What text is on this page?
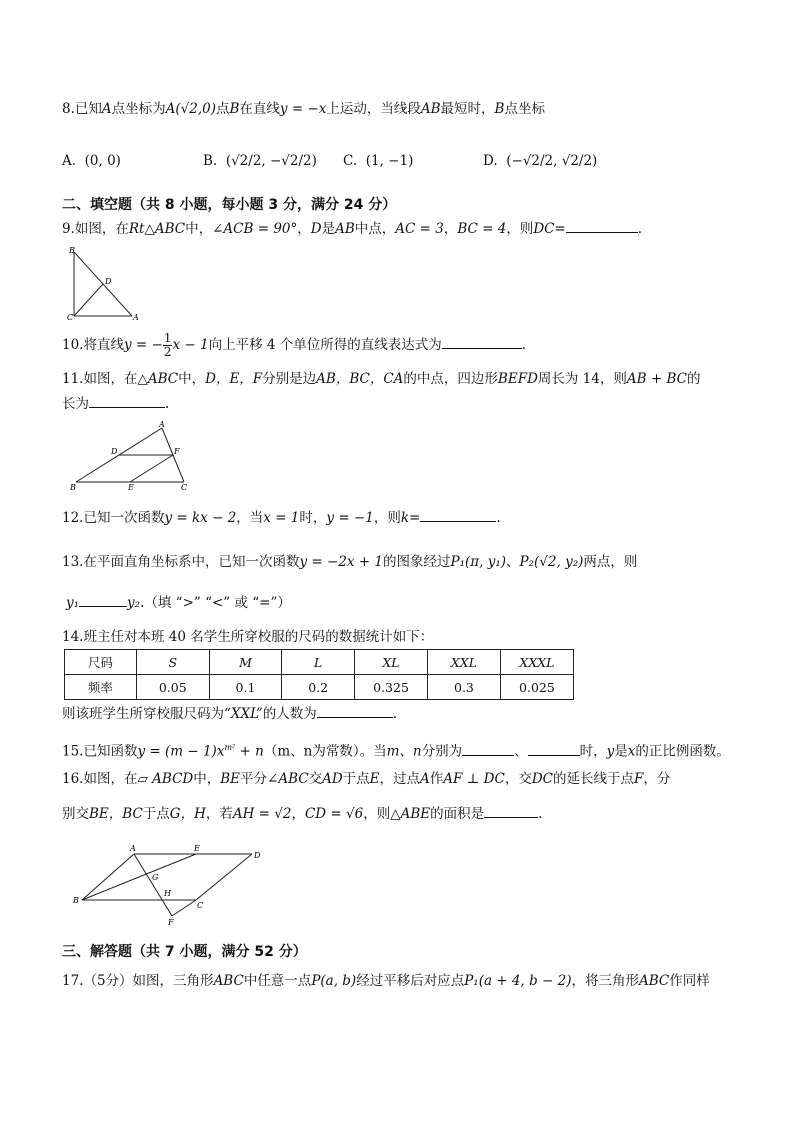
8.已知A点坐标为A(√2,0)点B在直线y = −x上运动，当线段AB最短时，B点坐标
A. (0, 0)	B. (√2/2, −√2/2) C. (1, −1)	D. (−√2/2, √2/2)
二、填空题（共 8 小题，每小题 3 分，满分 24 分）
9.如图，在Rt△ABC中，∠ACB = 90°，D是AB中点，AC = 3，BC = 4，则DC=	.
B
D
C	A
10.将直线y = − $\frac{1}{2}$ x − 1向上平移 4 个单位所得的直线表达式为	.
11.如图，在△ABC中，D，E，F分别是边AB，BC，CA的中点，四边形BEFD周长为 14，则AB + BC的
长为	.
A
D	F
B	E	C
12.已知一次函数y = kx − 2，当x = 1时，y = −1，则k=	.
13.在平面直角坐标系中，已知一次函数y = −2x + 1的图象经过P₁(π, y₁)、P₂(√2, y₂)两点，则
y₁	y₂.（填 “>” “<” 或 “=”）
14.班主任对本班 40 名学生所穿校服的尺码的数据统计如下：
尺码	S	M	L	XL	XXL	XXXL
频率	0.05	0.1	0.2	0.325	0.3	0.025
则该班学生所穿校服尺码为“XXL”的人数为	.
15.已知函数$y = (m - 1)x^{m^2} + n(m$、n为常数）。当m、n分别为	、	时，y是x的正比例函数。
16.如图，在▱ ABCD中，BE平分∠ABC交AD于点E，过点A作AF ⊥ DC，交DC的延长线于点F，分
别交BE，BC于点G，H，若AH = √2，CD = √6，则△ABE的面积是	.
A	E
D
G
H
B
C
F
三、解答题（共 7 小题，满分 52 分）
17.（5分）如图，三角形ABC中任意一点P(a, b)经过平移后对应点P₁(a + 4, b − 2)，将三角形ABC作同样
